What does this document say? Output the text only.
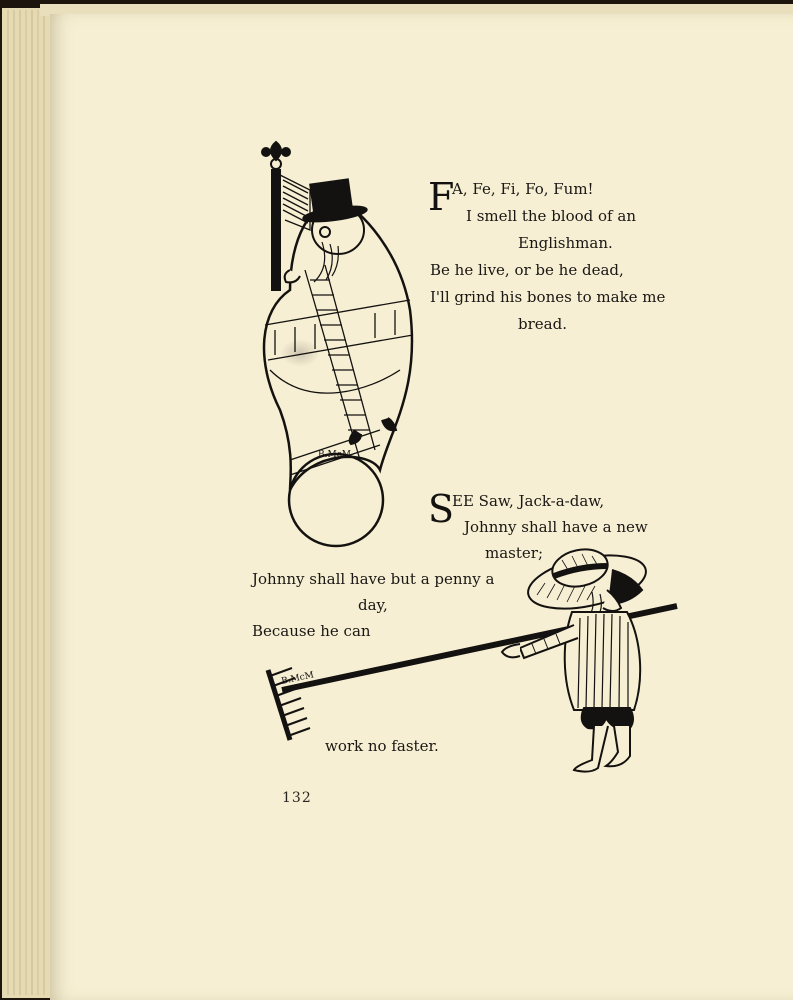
B.McM
F
A, Fe, Fi, Fo, Fum!
I smell the blood of an
Englishman.
Be he live, or be he dead,
I'll grind his bones to make me
bread.
S
EE Saw, Jack-a-daw,
Johnny shall have a new
master;
Johnny shall have but a penny a
day,
Because he can
work no faster.
B.McM
132
